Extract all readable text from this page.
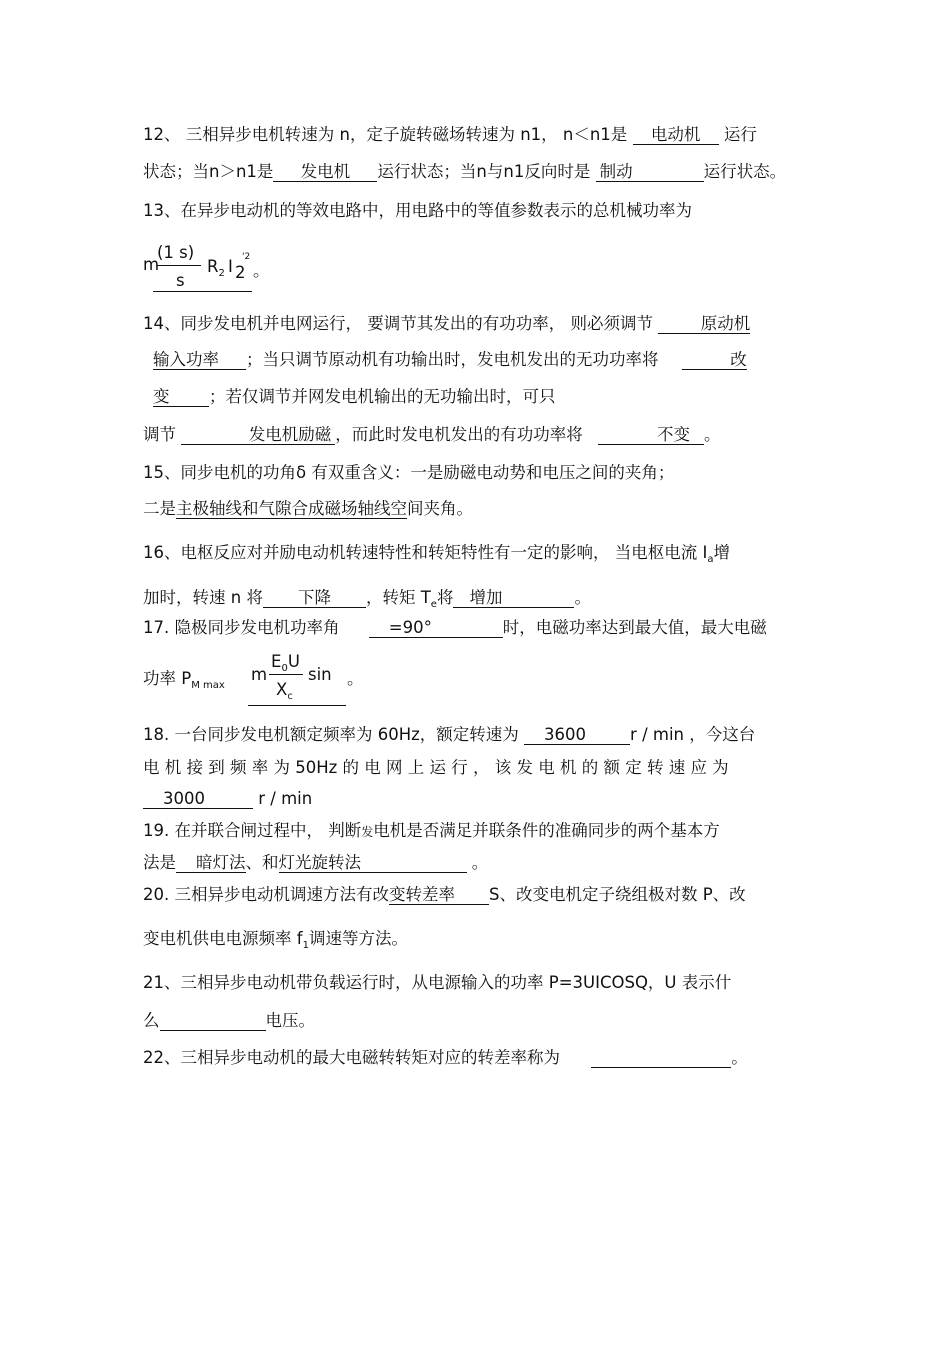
12、 三相异步电机转速为 n，定子旋转磁场转速为 n1， n＜n1是 电动机 运行
状态；当n＞n1是 发电机 运行状态；当n与n1反向时是 制动	运行状态。
13、在异步电动机的等效电路中，用电路中的等值参数表示的总机械功率为
m
(1 s)
s
$R_2$ I 2
'2
。
14、同步发电机并电网运行， 要调节其发出的有功功率， 则必须调节	原动机
输入功率 ；当只调节原动机有功输出时，发电机发出的无功功率将	改
变 ；若仅调节并网发电机输出的无功输出时，可只
调节	发电机励磁 ，而此时发电机发出的有功功率将	不变 。
15、同步电机的功角δ 有双重含义：一是励磁电动势和电压之间的夹角；
二是主极轴线和气隙合成磁场轴线空间夹角。
16、电枢反应对并励电动机转速特性和转矩特性有一定的影响， 当电枢电流 $I_a$增
加时，转速 n 将 下降 ，转矩 $T_e$将 增加	。
17. 隐极同步发电机功率角	=90°	时，电磁功率达到最大值，最大电磁
功率 $P_{M max}$
m
$E_0U$
$X_c$
sin 。
18. 一台同步发电机额定频率为 60Hz，额定转速为 3600	r / min ，今这台
电 机 接 到 频 率 为 50Hz 的 电 网 上 运 行 ， 该 发 电 机 的 额 定 转 速 应 为
3000	r / min
19. 在并联合闸过程中， 判断发电机是否满足并联条件的准确同步的两个基本方
法是 暗灯法、和灯光旋转法	。
20. 三相异步电动机调速方法有改变转差率 S、改变电机定子绕组极对数 P、改
变电机供电电源频率 $f_1$调速等方法。
21、三相异步电动机带负载运行时，从电源输入的功率 P=3UICOSQ，U 表示什
么	电压。
22、三相异步电动机的最大电磁转转矩对应的转差率称为	。
